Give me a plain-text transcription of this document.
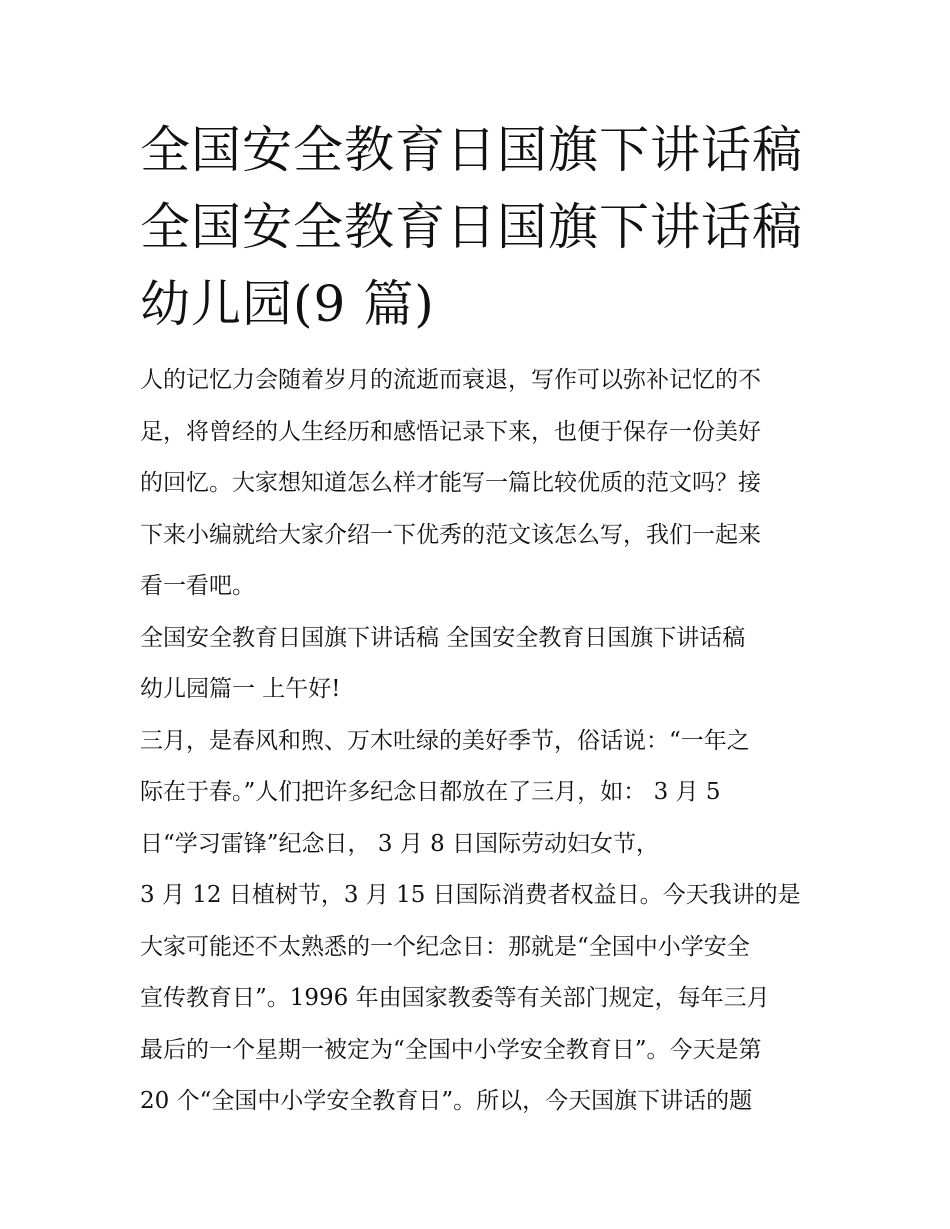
全国安全教育日国旗下讲话稿
全国安全教育日国旗下讲话稿
幼儿园(9 篇)
人的记忆力会随着岁月的流逝而衰退，写作可以弥补记忆的不
足，将曾经的人生经历和感悟记录下来，也便于保存一份美好
的回忆。大家想知道怎么样才能写一篇比较优质的范文吗？接
下来小编就给大家介绍一下优秀的范文该怎么写，我们一起来
看一看吧。
全国安全教育日国旗下讲话稿 全国安全教育日国旗下讲话稿
幼儿园篇一 上午好!
三月，是春风和煦、万木吐绿的美好季节，俗话说：“一年之
际在于春。”人们把许多纪念日都放在了三月，如： 3 月 5
日“学习雷锋”纪念日， 3 月 8 日国际劳动妇女节，
3 月 12 日植树节，3 月 15 日国际消费者权益日。今天我讲的是
大家可能还不太熟悉的一个纪念日：那就是“全国中小学安全
宣传教育日”。1996 年由国家教委等有关部门规定，每年三月
最后的一个星期一被定为“全国中小学安全教育日”。今天是第
20 个“全国中小学安全教育日”。所以，今天国旗下讲话的题
